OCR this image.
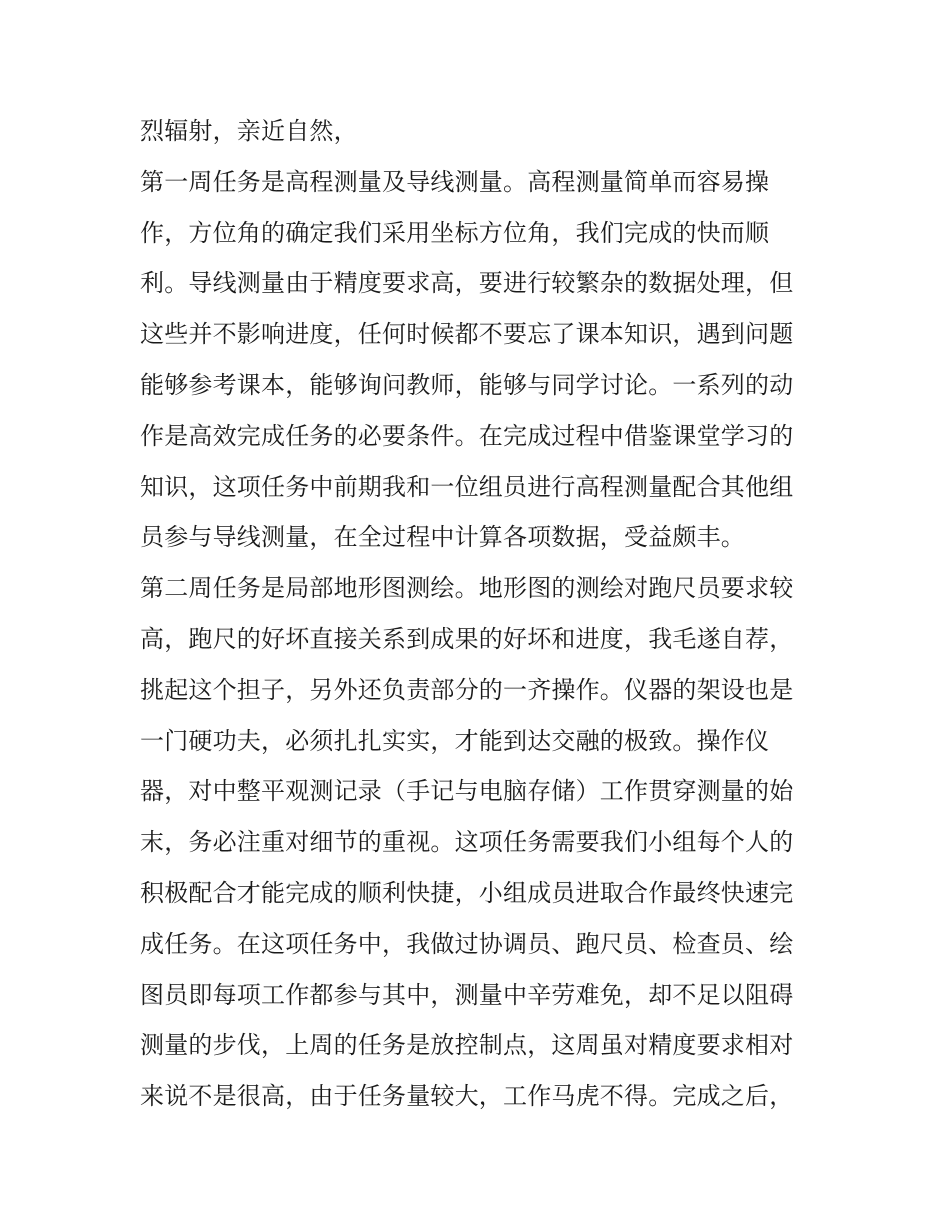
烈辐射，亲近自然，
第一周任务是高程测量及导线测量。高程测量简单而容易操
作，方位角的确定我们采用坐标方位角，我们完成的快而顺
利。导线测量由于精度要求高，要进行较繁杂的数据处理，但
这些并不影响进度，任何时候都不要忘了课本知识，遇到问题
能够参考课本，能够询问教师，能够与同学讨论。一系列的动
作是高效完成任务的必要条件。在完成过程中借鉴课堂学习的
知识，这项任务中前期我和一位组员进行高程测量配合其他组
员参与导线测量，在全过程中计算各项数据，受益颇丰。
第二周任务是局部地形图测绘。地形图的测绘对跑尺员要求较
高，跑尺的好坏直接关系到成果的好坏和进度，我毛遂自荐，
挑起这个担子，另外还负责部分的一齐操作。仪器的架设也是
一门硬功夫，必须扎扎实实，才能到达交融的极致。操作仪
器，对中整平观测记录（手记与电脑存储）工作贯穿测量的始
末，务必注重对细节的重视。这项任务需要我们小组每个人的
积极配合才能完成的顺利快捷，小组成员进取合作最终快速完
成任务。在这项任务中，我做过协调员、跑尺员、检查员、绘
图员即每项工作都参与其中，测量中辛劳难免，却不足以阻碍
测量的步伐，上周的任务是放控制点，这周虽对精度要求相对
来说不是很高，由于任务量较大，工作马虎不得。完成之后，
